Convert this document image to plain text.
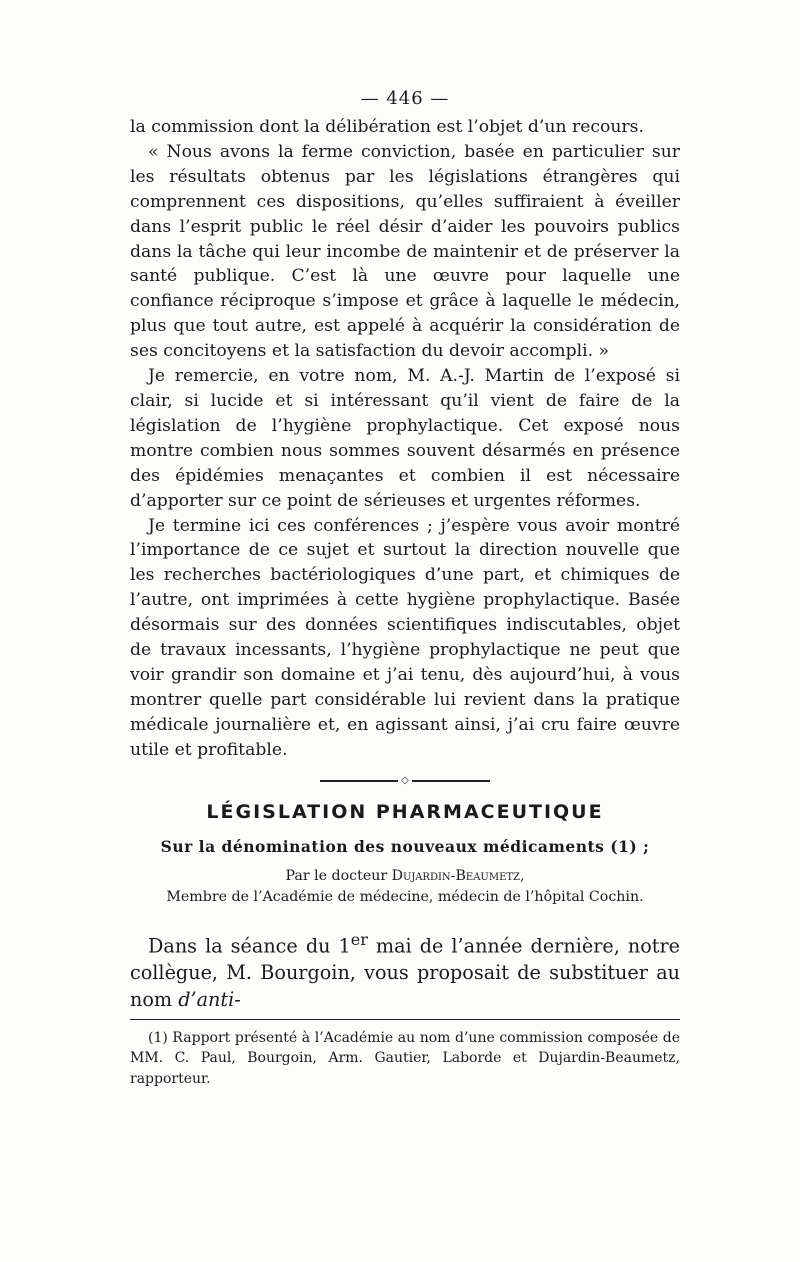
— 446 —

la commission dont la délibération est l’objet d’un recours.

« Nous avons la ferme conviction, basée en particulier sur les résultats obtenus par les législations étrangères qui comprennent ces dispositions, qu’elles suffiraient à éveiller dans l’esprit public le réel désir d’aider les pouvoirs publics dans la tâche qui leur incombe de maintenir et de préserver la santé publique. C’est là une œuvre pour laquelle une confiance réciproque s’impose et grâce à laquelle le médecin, plus que tout autre, est appelé à acquérir la considération de ses concitoyens et la satisfaction du devoir accompli. »

Je remercie, en votre nom, M. A.-J. Martin de l’exposé si clair, si lucide et si intéressant qu’il vient de faire de la législation de l’hygiène prophylactique. Cet exposé nous montre combien nous sommes souvent désarmés en présence des épidémies menaçantes et combien il est nécessaire d’apporter sur ce point de sérieuses et urgentes réformes.

Je termine ici ces conférences ; j’espère vous avoir montré l’importance de ce sujet et surtout la direction nouvelle que les recherches bactériologiques d’une part, et chimiques de l’autre, ont imprimées à cette hygiène prophylactique. Basée désormais sur des données scientifiques indiscutables, objet de travaux incessants, l’hygiène prophylactique ne peut que voir grandir son domaine et j’ai tenu, dès aujourd’hui, à vous montrer quelle part considérable lui revient dans la pratique médicale journalière et, en agissant ainsi, j’ai cru faire œuvre utile et profitable.

◇
LÉGISLATION PHARMACEUTIQUE

Sur la dénomination des nouveaux médicaments (1) ;

Par le docteur Dujardin-Beaumetz,

Membre de l’Académie de médecine, médecin de l’hôpital Cochin.

Dans la séance du 1er mai de l’année dernière, notre collègue, M. Bourgoin, vous proposait de substituer au nom d’anti-

(1) Rapport présenté à l’Académie au nom d’une commission composée de MM. C. Paul, Bourgoin, Arm. Gautier, Laborde et Dujardin-Beaumetz, rapporteur.
